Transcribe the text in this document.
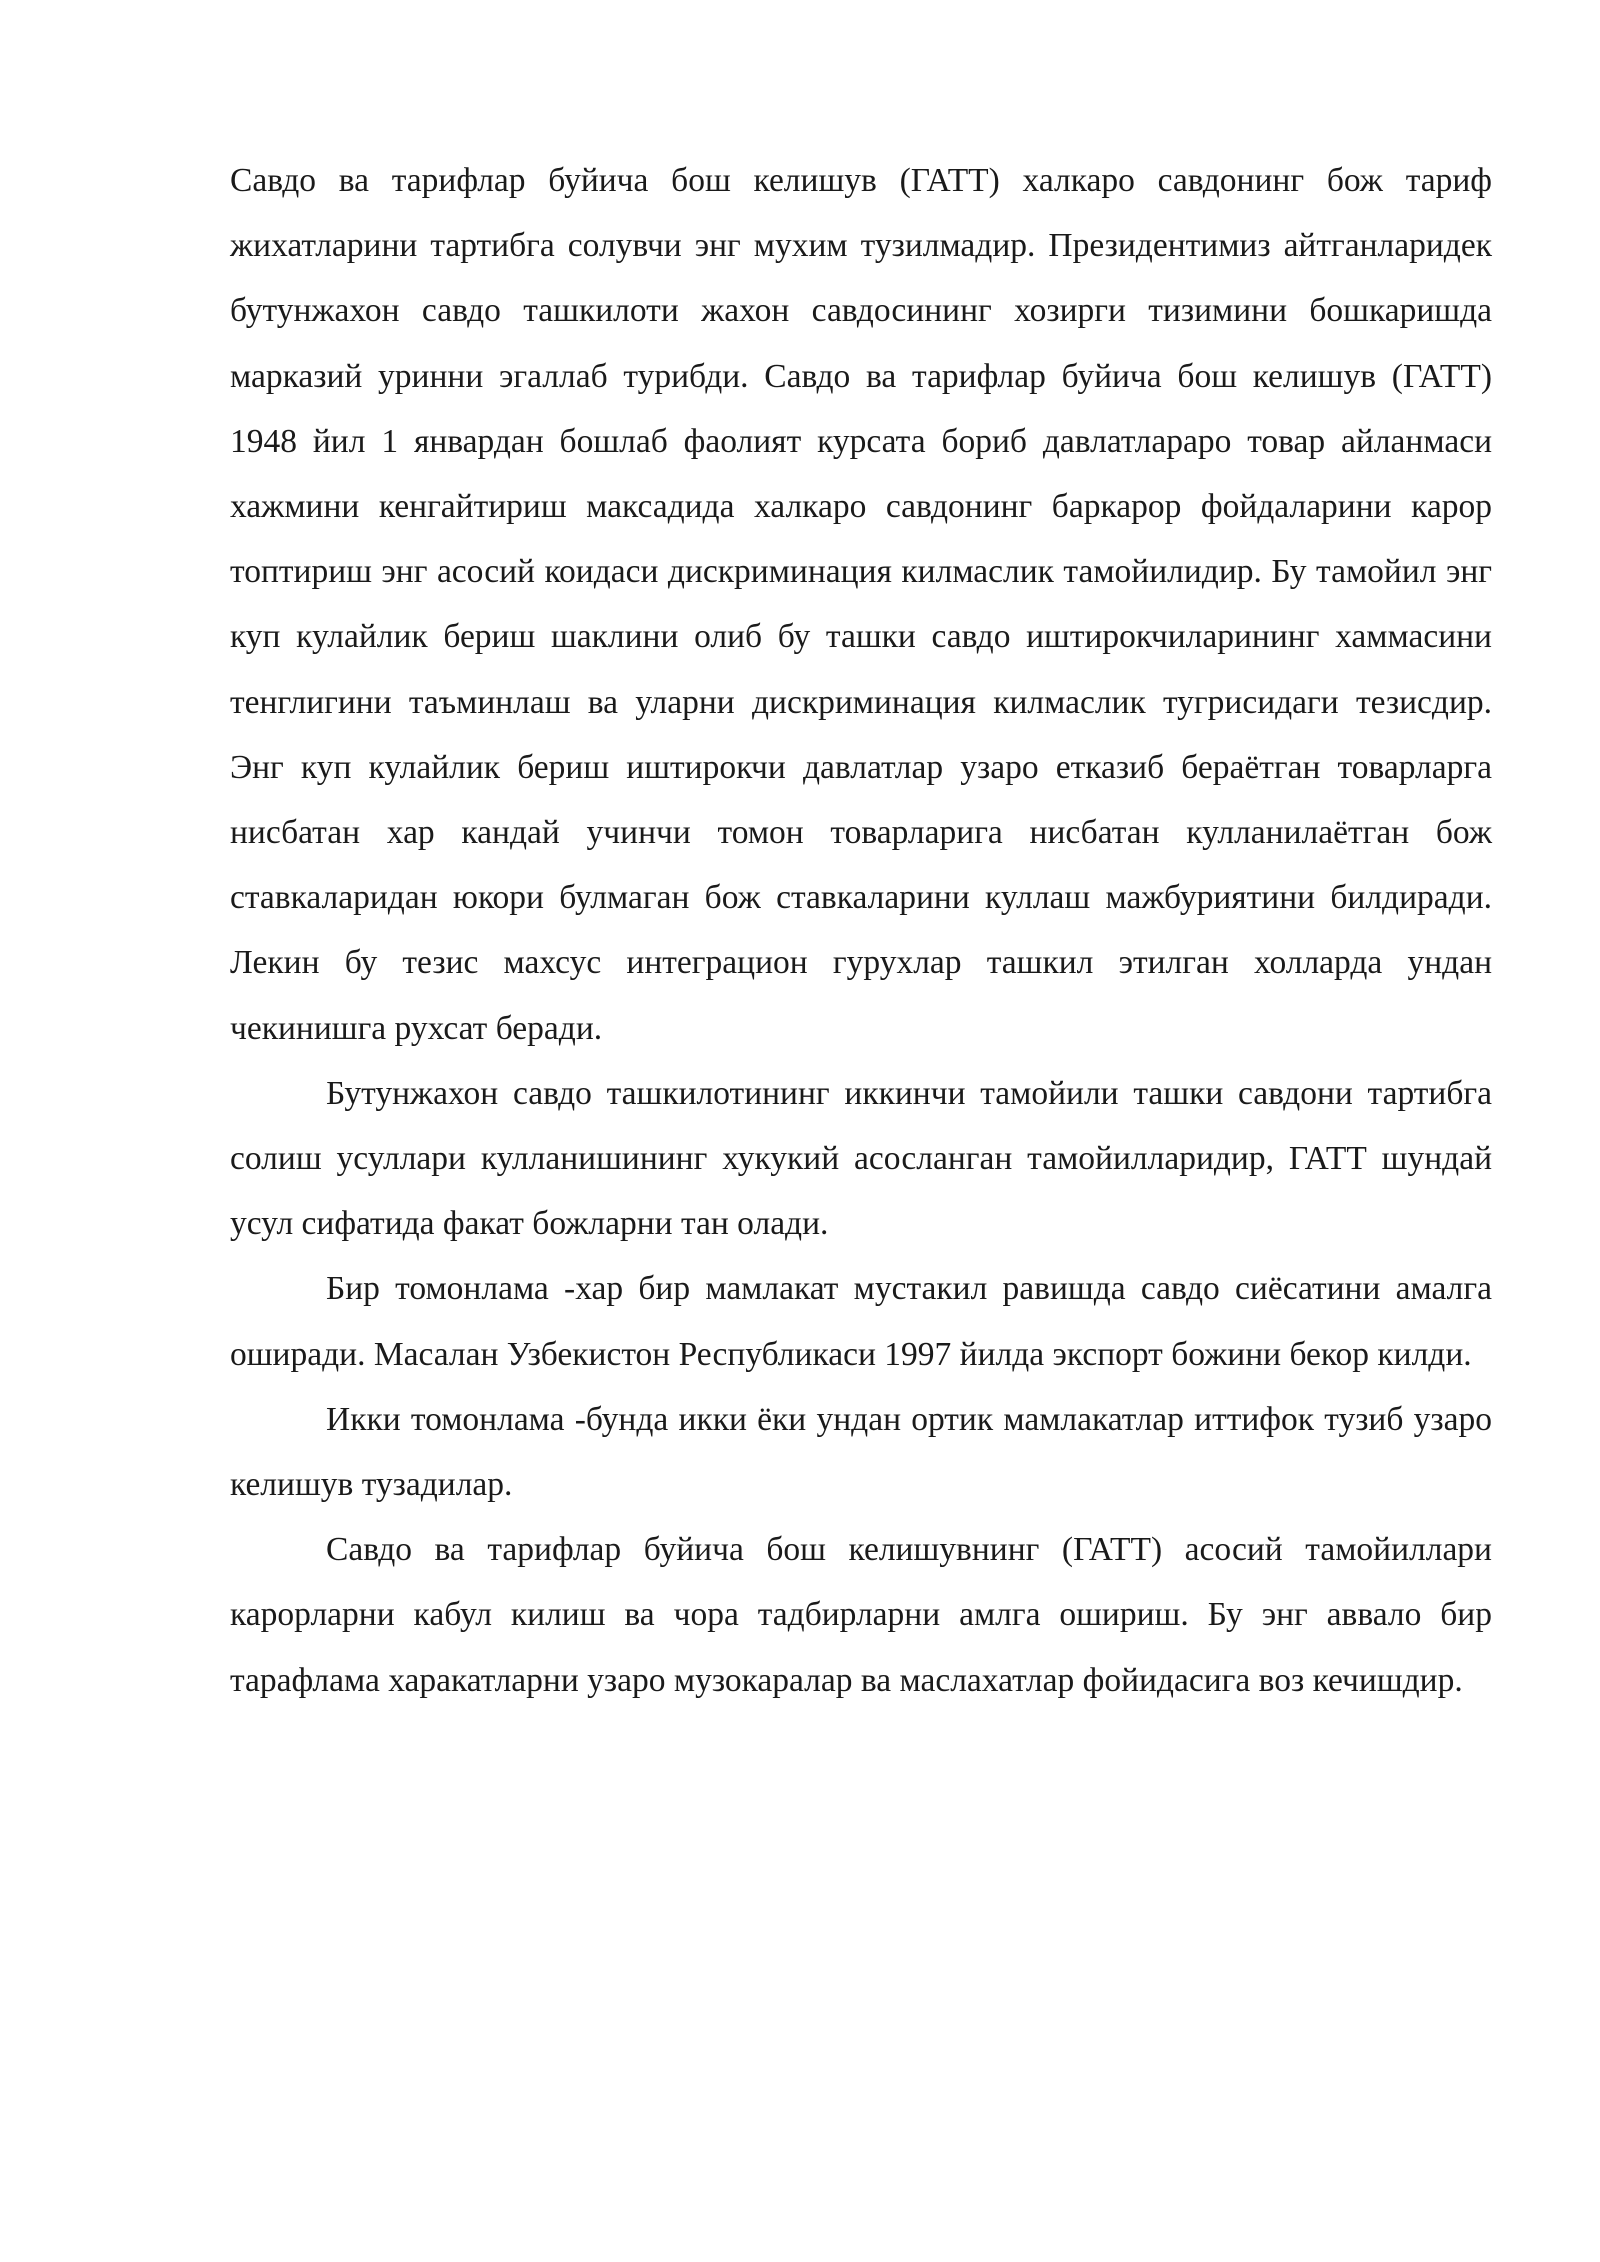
Савдо ва тарифлар буйича бош келишув (ГАТТ) халкаро савдонинг бож тариф жихатларини тартибга солувчи энг мухим тузилмадир. Президентимиз айтганларидек бутунжахон савдо ташкилоти жахон савдосининг хозирги тизимини бошкаришда марказий уринни эгаллаб турибди. Савдо ва тарифлар буйича бош келишув (ГАТТ) 1948 йил 1 январдан бошлаб фаолият курсата бориб давлатлараро товар айланмаси хажмини кенгайтириш максадида халкаро савдонинг баркарор фойдаларини карор топтириш энг асосий коидаси дискриминация килмаслик тамойилидир. Бу тамойил энг куп кулайлик бериш шаклини олиб бу ташки савдо иштирокчиларининг хаммасини тенглигини таъминлаш ва уларни дискриминация килмаслик тугрисидаги тезисдир. Энг куп кулайлик бериш иштирокчи давлатлар узаро етказиб бераётган товарларга нисбатан хар кандай учинчи томон товарларига нисбатан кулланилаётган бож ставкаларидан юкори булмаган бож ставкаларини куллаш мажбуриятини билдиради. Лекин бу тезис махсус интеграцион гурухлар ташкил этилган холларда ундан чекинишга рухсат беради.

Бутунжахон савдо ташкилотининг иккинчи тамойили ташки савдони тартибга солиш усуллари кулланишининг хукукий асосланган тамойилларидир, ГАТТ шундай усул сифатида факат божларни тан олади.

Бир томонлама -хар бир мамлакат мустакил равишда савдо сиёсатини амалга оширади. Масалан Узбекистон Республикаси 1997 йилда экспорт божини бекор килди.

Икки томонлама -бунда икки ёки ундан ортик мамлакатлар иттифок тузиб узаро келишув тузадилар.

Савдо ва тарифлар буйича бош келишувнинг (ГАТТ) асосий тамойиллари карорларни кабул килиш ва чора тадбирларни амлга ошириш. Бу энг аввало бир тарафлама харакатларни узаро музокаралар ва маслахатлар фойидасига воз кечишдир.
